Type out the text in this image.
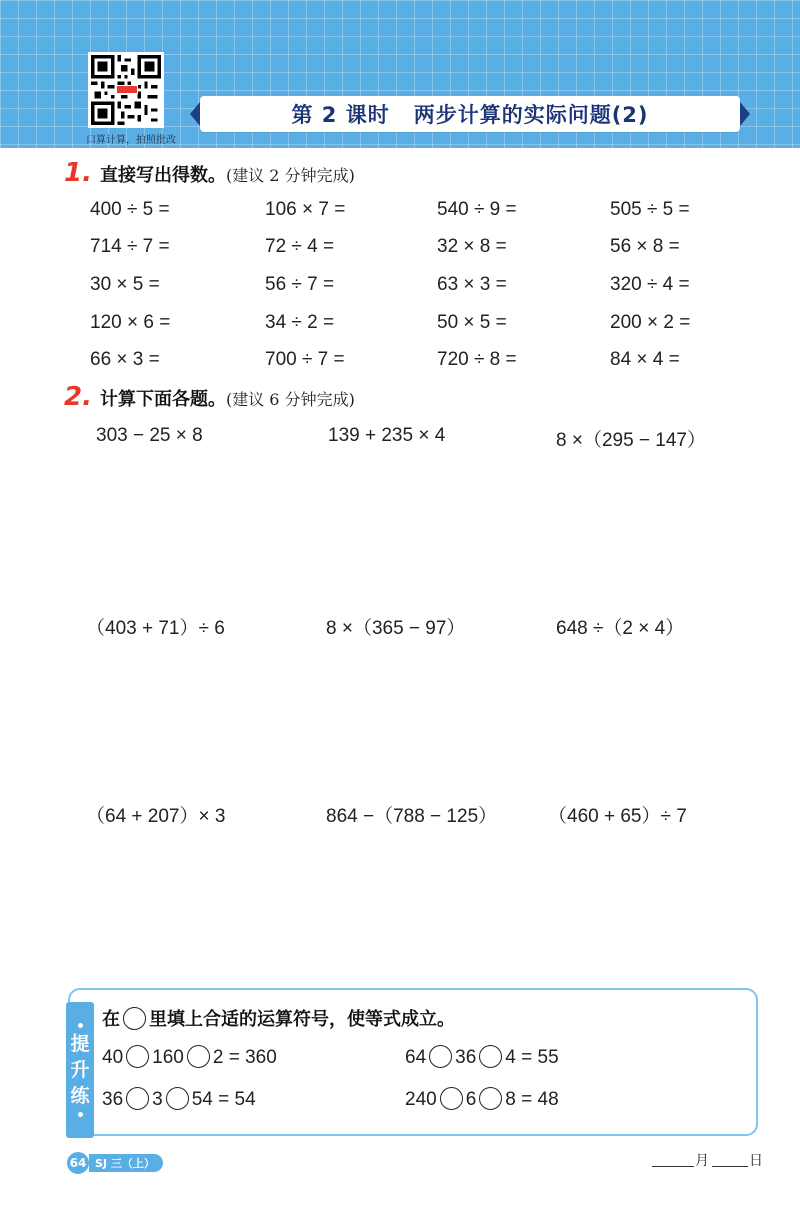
口算计算，拍照批改
第 2 课时 两步计算的实际问题(2)
1. 直接写出得数。 (建议 2 分钟完成)
400 ÷ 5 =	106 × 7 =	540 ÷ 9 =	505 ÷ 5 =
714 ÷ 7 =	72 ÷ 4 =	32 × 8 =	56 × 8 =
30 × 5 =	56 ÷ 7 =	63 × 3 =	320 ÷ 4 =
120 × 6 =	34 ÷ 2 =	50 × 5 =	200 × 2 =
66 × 3 =	700 ÷ 7 =	720 ÷ 8 =	84 × 4 =
2. 计算下面各题。 (建议 6 分钟完成)
303 − 25 × 8	139 + 235 × 4	8 ×（295 − 147）
（403 + 71）÷ 6	8 ×（365 − 97）	648 ÷（2 × 4）
（64 + 207）× 3	864 −（788 − 125）	（460 + 65）÷ 7
提
升
练
在 里填上合适的运算符号，使等式成立。
40 160 2 = 360	64 36 4 = 55
36 3 54 = 54	240 6 8 = 48
64 SJ 三（上）	月	日
